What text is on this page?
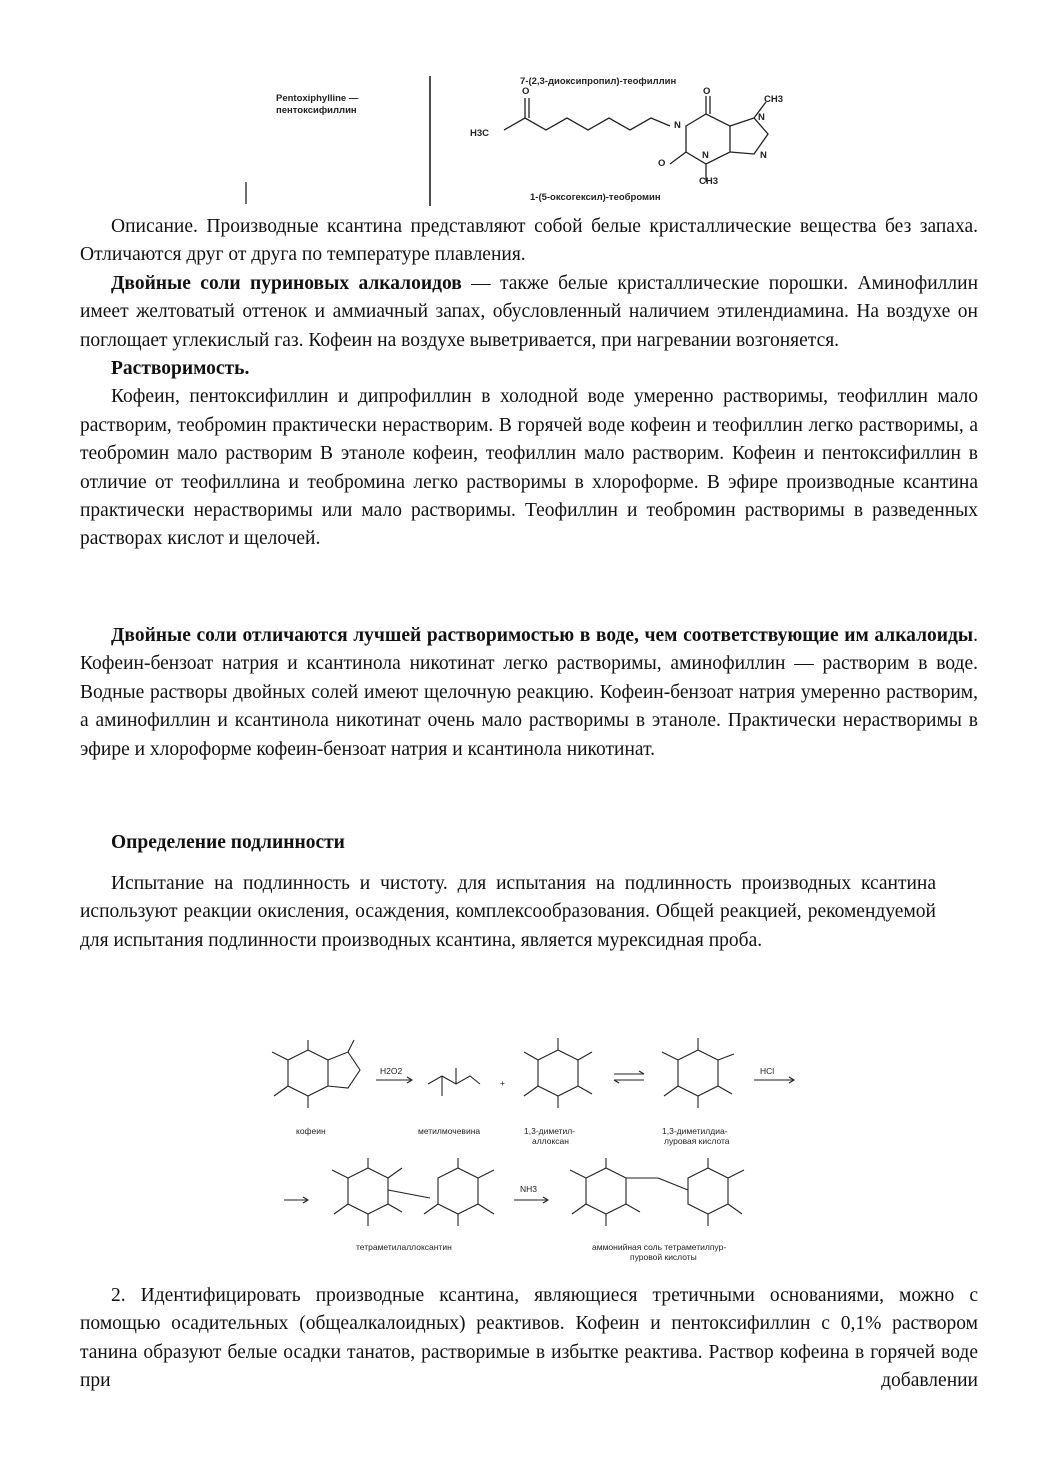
Pentoxiphylline —
пентоксифиллин
7-(2,3-диоксипропил)-теофиллин
1-(5-оксогексил)-теобромин
H3C
O
N
O
O
N
CH3
N
CH3
N

Описание. Производные ксантина представляют собой белые кристаллические вещества без запаха. Отличаются друг от друга по температуре плавления.

Двойные соли пуриновых алкалоидов — также белые кристаллические порошки. Аминофиллин имеет желтоватый оттенок и аммиачный запах, обусловленный наличием этилендиамина. На воздухе он поглощает углекислый газ. Кофеин на воздухе выветривается, при нагревании возгоняется.

Растворимость.

Кофеин, пентоксифиллин и дипрофиллин в холодной воде умеренно растворимы, теофиллин мало растворим, теобромин практически нерастворим. В горячей воде кофеин и теофиллин легко растворимы, а теобромин мало растворим В этаноле кофеин, теофиллин мало растворим. Кофеин и пентоксифиллин в отличие от теофиллина и теобромина легко растворимы в хлороформе. В эфире производные ксантина практически нерастворимы или мало растворимы. Теофиллин и теобромин растворимы в разведенных растворах кислот и щелочей.

Двойные соли отличаются лучшей растворимостью в воде, чем соответствующие им алкалоиды. Кофеин-бензоат натрия и ксантинола никотинат легко растворимы, аминофиллин — растворим в воде. Водные растворы двойных солей имеют щелочную реакцию. Кофеин-бензоат натрия умеренно растворим, а аминофиллин и ксантинола никотинат очень мало растворимы в этаноле. Практически нерастворимы в эфире и хлороформе кофеин-бензоат натрия и ксантинола никотинат.

Определение подлинности

Испытание на подлинность и чистоту. для испытания на подлинность производных ксантина используют реакции окисления, осаждения, комплексообразования. Общей реакцией, рекомендуемой для испытания подлинности производных ксантина, является мурексидная проба.

H2O2
+
HCl
NH3
кофеин	метилмочевина	1,3-диметил-
аллоксан
1,3-диметилдиа-
луровая кислота
тетраметилаллоксантин	аммонийная соль тетраметилпур-
пуровой кислоты

2. Идентифицировать производные ксантина, являющиеся третичными основаниями, можно с помощью осадительных (общеалкалоидных) реактивов. Кофеин и пентоксифиллин с 0,1% раствором танина образуют белые осадки танатов, растворимые в избытке реактива. Раствор кофеина в горячей воде при добавлении
